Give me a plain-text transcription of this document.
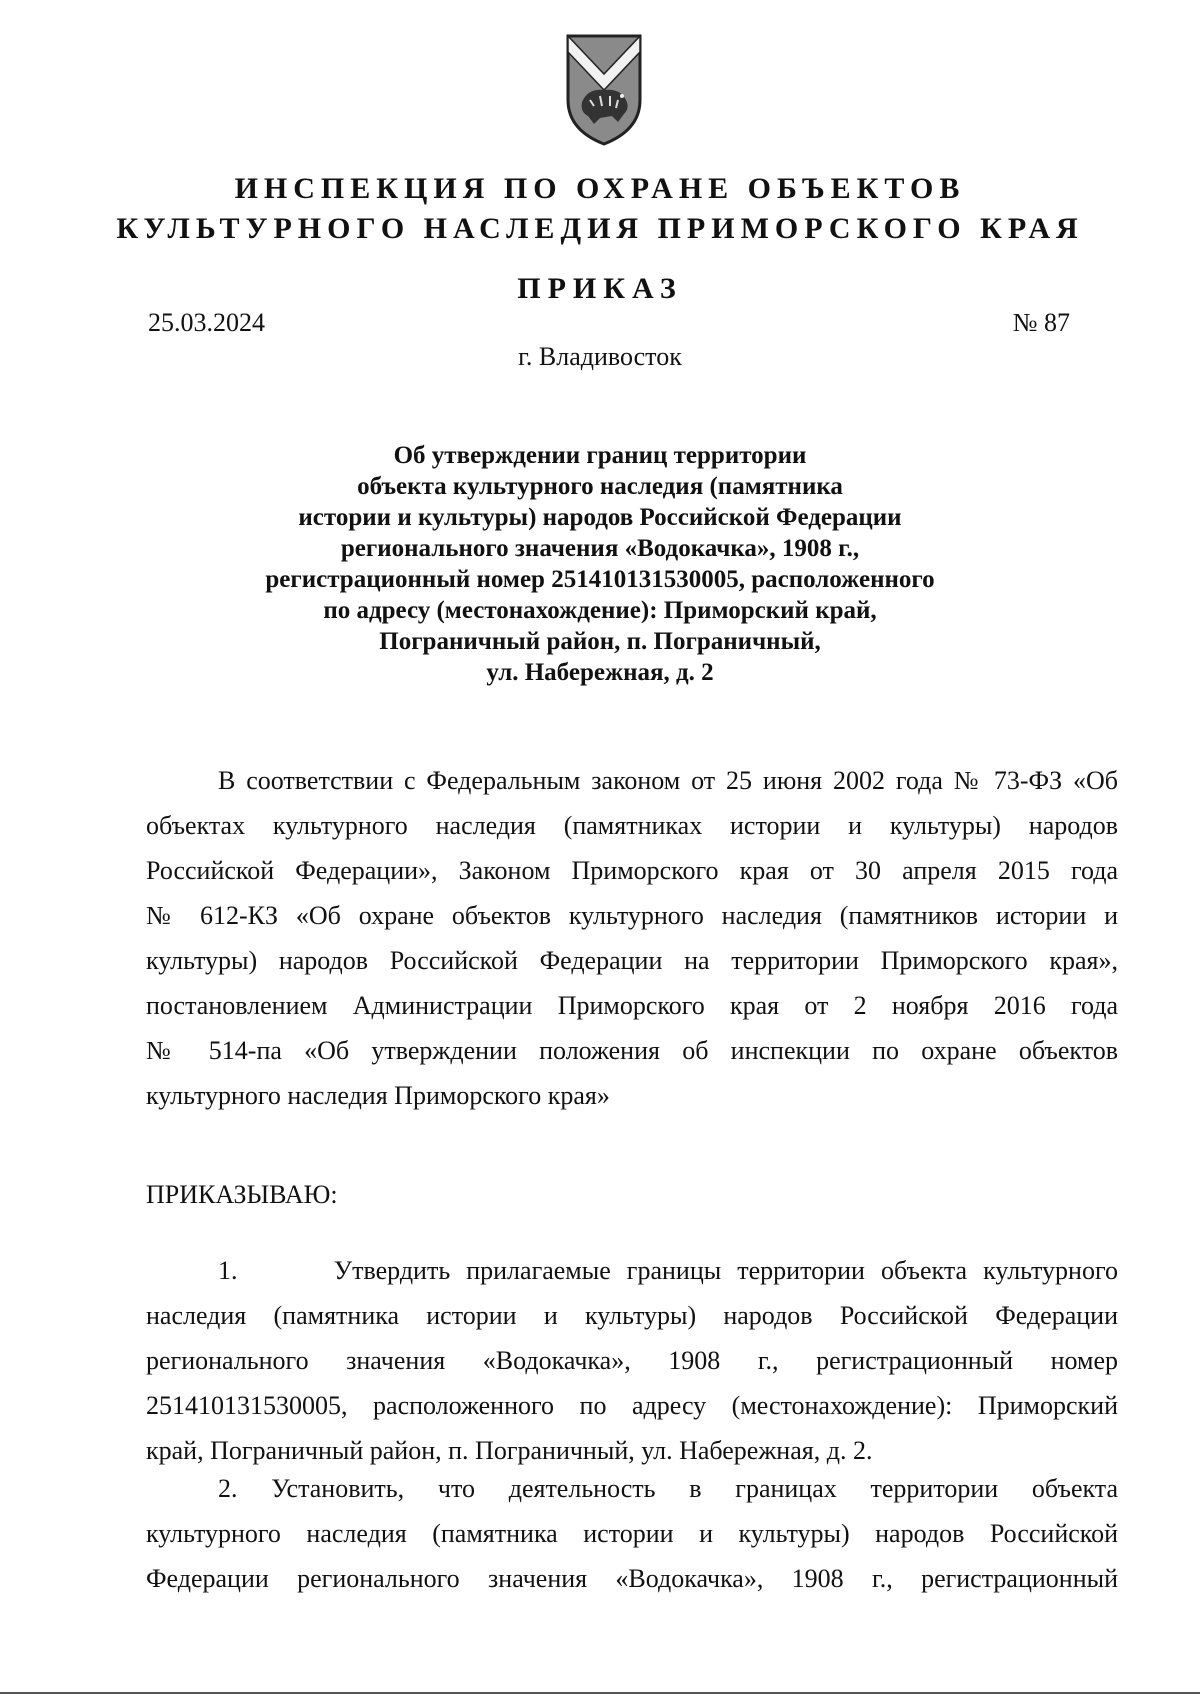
ИНСПЕКЦИЯ ПО ОХРАНЕ ОБЪЕКТОВ

КУЛЬТУРНОГО НАСЛЕДИЯ ПРИМОРСКОГО КРАЯ

ПРИКАЗ

25.03.2024	№ 87

г. Владивосток

Об утверждении границ территории
объекта культурного наследия (памятника
истории и культуры) народов Российской Федерации
регионального значения «Водокачка», 1908 г.,
регистрационный номер 251410131530005, расположенного
по адресу (местонахождение): Приморский край,
Пограничный район, п. Пограничный,
ул. Набережная, д. 2
В соответствии с Федеральным законом от 25 июня 2002 года № 73-ФЗ «Об
объектах культурного наследия (памятниках истории и культуры) народов
Российской Федерации», Законом Приморского края от 30 апреля 2015 года
№ 612-КЗ «Об охране объектов культурного наследия (памятников истории и
культуры) народов Российской Федерации на территории Приморского края»,
постановлением Администрации Приморского края от 2 ноября 2016 года
№ 514-па «Об утверждении положения об инспекции по охране объектов
культурного наследия Приморского края»

ПРИКАЗЫВАЮ:

1.      Утвердить прилагаемые границы территории объекта культурного
наследия (памятника истории и культуры) народов Российской Федерации
регионального значения «Водокачка», 1908 г., регистрационный номер
251410131530005, расположенного по адресу (местонахождение): Приморский
край, Пограничный район, п. Пограничный, ул. Набережная, д. 2.
2. Установить, что деятельность в границах территории объекта
культурного наследия (памятника истории и культуры) народов Российской
Федерации регионального значения «Водокачка», 1908 г., регистрационный
